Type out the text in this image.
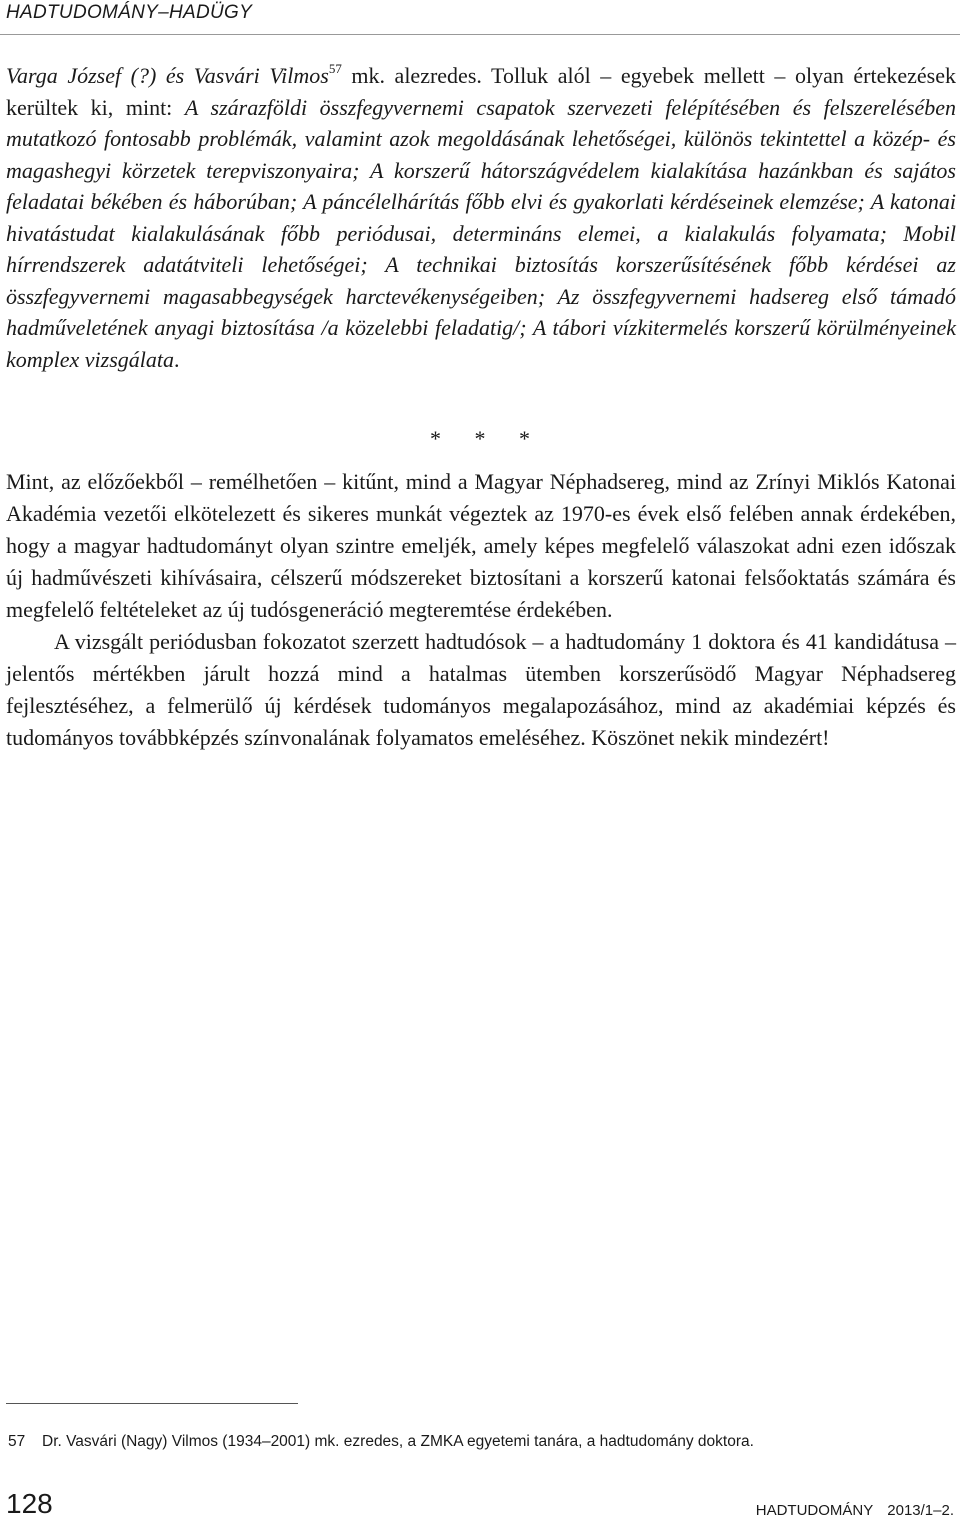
HADTUDOMÁNY–HADÜGY
Varga József (?) és Vasvári Vilmos$^{57}$ mk. alezredes. Tolluk alól – egyebek mellett – olyan értekezések kerültek ki, mint: A szárazföldi összfegyvernemi csapatok szervezeti felépítésében és felszerelésében mutatkozó fontosabb problémák, valamint azok megoldásának lehetőségei, különös tekintettel a közép- és magashegyi körzetek terepviszonyaira; A korszerű hátországvédelem kialakítása hazánkban és sajátos feladatai békében és háborúban; A páncélelhárítás főbb elvi és gyakorlati kérdéseinek elemzése; A katonai hivatástudat kialakulásának főbb periódusai, determináns elemei, a kialakulás folyamata; Mobil hírrendszerek adatátviteli lehetőségei; A technikai biztosítás korszerűsítésének főbb kérdései az összfegyvernemi magasabbegységek harctevékenységeiben; Az összfegyvernemi hadsereg első támadó hadműveletének anyagi biztosítása /a közelebbi feladatig/; A tábori vízkitermelés korszerű körülményeinek komplex vizsgálata.
* * *

Mint, az előzőekből – remélhetően – kitűnt, mind a Magyar Néphadsereg, mind az Zrínyi Miklós Katonai Akadémia vezetői elkötelezett és sikeres munkát végeztek az 1970-es évek első felében annak érdekében, hogy a magyar hadtudományt olyan szintre emeljék, amely képes megfelelő válaszokat adni ezen időszak új hadművészeti kihívásaira, célszerű módszereket biztosítani a korszerű katonai felsőoktatás számára és megfelelő feltételeket az új tudósgeneráció megteremtése érdekében.

A vizsgált periódusban fokozatot szerzett hadtudósok – a hadtudomány 1 doktora és 41 kandidátusa – jelentős mértékben járult hozzá mind a hatalmas ütemben korszerűsödő Magyar Néphadsereg fejlesztéséhez, a felmerülő új kérdések tudományos megalapozásához, mind az akadémiai képzés és tudományos továbbképzés színvonalának folyamatos emeléséhez. Köszönet nekik mindezért!

57 Dr. Vasvári (Nagy) Vilmos (1934–2001) mk. ezredes, a ZMKA egyetemi tanára, a hadtudomány doktora.
128	HADTUDOMÁNY 2013/1–2.
